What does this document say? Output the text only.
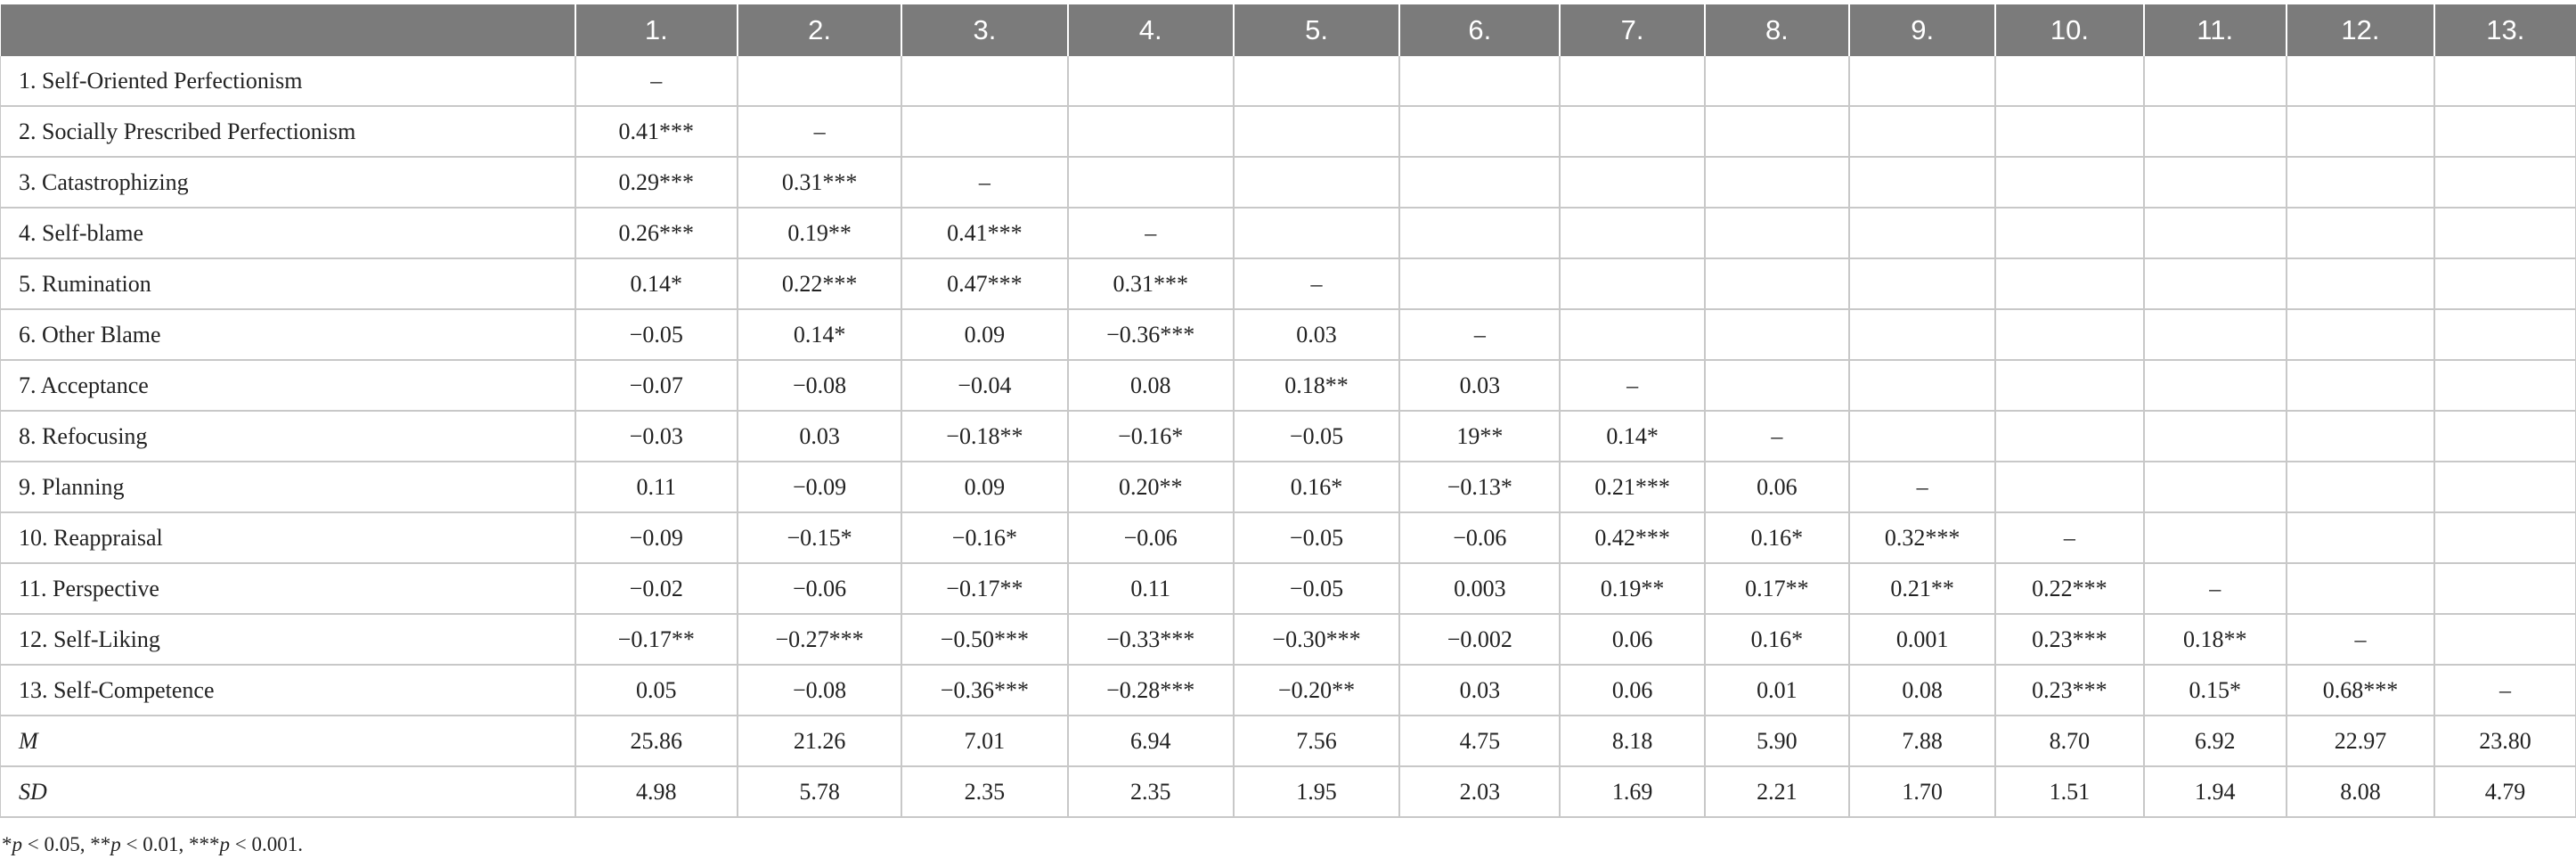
	1.	2.	3.	4.	5.	6.	7.	8.	9.	10.	11.	12.	13.
1. Self-Oriented Perfectionism	–												
2. Socially Prescribed Perfectionism	0.41***	–											
3. Catastrophizing	0.29***	0.31***	–										
4. Self-blame	0.26***	0.19**	0.41***	–									
5. Rumination	0.14*	0.22***	0.47***	0.31***	–								
6. Other Blame	−0.05	0.14*	0.09	−0.36***	0.03	–							
7. Acceptance	−0.07	−0.08	−0.04	0.08	0.18**	0.03	–						
8. Refocusing	−0.03	0.03	−0.18**	−0.16*	−0.05	19**	0.14*	–					
9. Planning	0.11	−0.09	0.09	0.20**	0.16*	−0.13*	0.21***	0.06	–				
10. Reappraisal	−0.09	−0.15*	−0.16*	−0.06	−0.05	−0.06	0.42***	0.16*	0.32***	–			
11. Perspective	−0.02	−0.06	−0.17**	0.11	−0.05	0.003	0.19**	0.17**	0.21**	0.22***	–		
12. Self-Liking	−0.17**	−0.27***	−0.50***	−0.33***	−0.30***	−0.002	0.06	0.16*	0.001	0.23***	0.18**	–	
13. Self-Competence	0.05	−0.08	−0.36***	−0.28***	−0.20**	0.03	0.06	0.01	0.08	0.23***	0.15*	0.68***	–
M	25.86	21.26	7.01	6.94	7.56	4.75	8.18	5.90	7.88	8.70	6.92	22.97	23.80
SD	4.98	5.78	2.35	2.35	1.95	2.03	1.69	2.21	1.70	1.51	1.94	8.08	4.79
*p < 0.05, **p < 0.01, ***p < 0.001.
